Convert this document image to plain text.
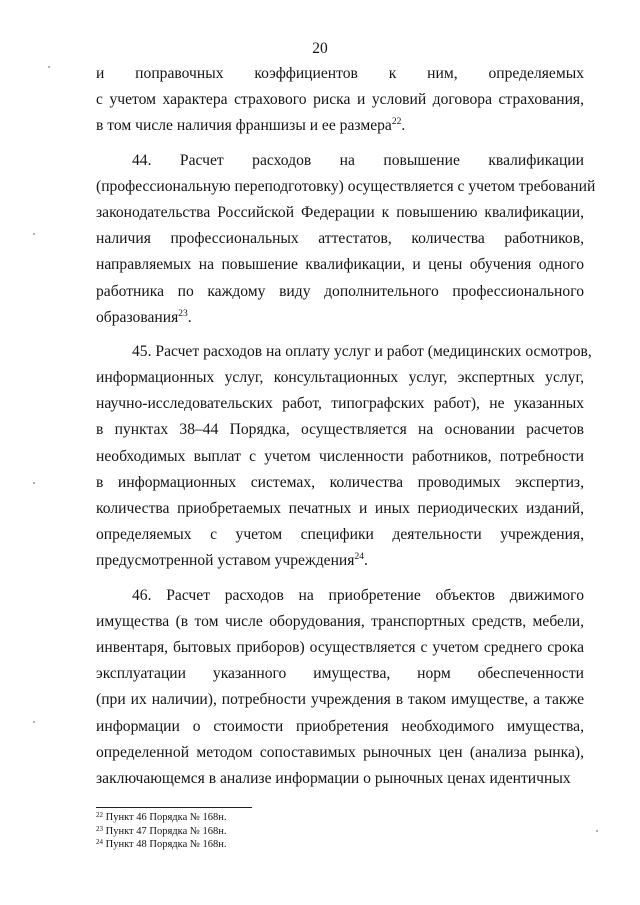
20
и поправочных коэффициентов к ним, определяемых
с учетом характера страхового риска и условий договора страхования,
в том числе наличия франшизы и ее размера$^{22}$.
44. Расчет расходов на повышение квалификации
(профессиональную переподготовку) осуществляется с учетом требований
законодательства Российской Федерации к повышению квалификации,
наличия профессиональных аттестатов, количества работников,
направляемых на повышение квалификации, и цены обучения одного
работника по каждому виду дополнительного профессионального
образования$^{23}$.
45. Расчет расходов на оплату услуг и работ (медицинских осмотров,
информационных услуг, консультационных услуг, экспертных услуг,
научно-исследовательских работ, типографских работ), не указанных
в пунктах 38–44 Порядка, осуществляется на основании расчетов
необходимых выплат с учетом численности работников, потребности
в информационных системах, количества проводимых экспертиз,
количества приобретаемых печатных и иных периодических изданий,
определяемых с учетом специфики деятельности учреждения,
предусмотренной уставом учреждения$^{24}$.
46. Расчет расходов на приобретение объектов движимого
имущества (в том числе оборудования, транспортных средств, мебели,
инвентаря, бытовых приборов) осуществляется с учетом среднего срока
эксплуатации указанного имущества, норм обеспеченности
(при их наличии), потребности учреждения в таком имуществе, а также
информации о стоимости приобретения необходимого имущества,
определенной методом сопоставимых рыночных цен (анализа рынка),
заключающемся в анализе информации о рыночных ценах идентичных
$^{22}$ Пункт 46 Порядка № 168н.
$^{23}$ Пункт 47 Порядка № 168н.
$^{24}$ Пункт 48 Порядка № 168н.
